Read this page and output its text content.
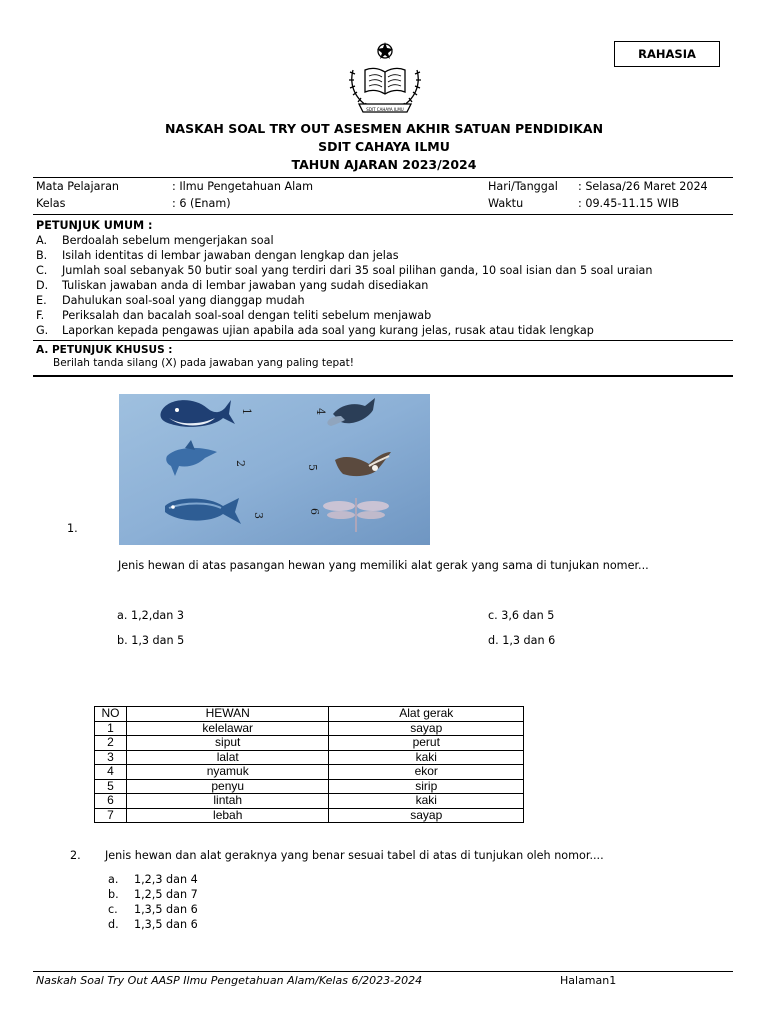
RAHASIA
SDIT CAHAYA ILMU
NASKAH SOAL TRY OUT ASESMEN AKHIR SATUAN PENDIDIKAN
SDIT CAHAYA ILMU
TAHUN AJARAN 2023/2024
Mata Pelajaran	: Ilmu Pengetahuan Alam	Hari/Tanggal : Selasa/26 Maret 2024
Kelas	: 6 (Enam)	Waktu	: 09.45-11.15 WIB
PETUNJUK UMUM :
A. Berdoalah sebelum mengerjakan soal
B. Isilah identitas di lembar jawaban dengan lengkap dan jelas
C. Jumlah soal sebanyak 50 butir soal yang terdiri dari 35 soal pilihan ganda, 10 soal isian dan 5 soal uraian
D. Tuliskan jawaban anda di lembar jawaban yang sudah disediakan
E. Dahulukan soal-soal yang dianggap mudah
F. Periksalah dan bacalah soal-soal dengan teliti sebelum menjawab
G. Laporkan kepada pengawas ujian apabila ada soal yang kurang jelas, rusak atau tidak lengkap
A. PETUNJUK KHUSUS :
Berilah tanda silang (X) pada jawaban yang paling tepat!
1.
1
2
3
4
5
6
Jenis hewan di atas pasangan hewan yang memiliki alat gerak yang sama di tunjukan nomer...
a. 1,2,dan 3
b. 1,3 dan 5
c. 3,6 dan 5
d. 1,3 dan 6
NO	HEWAN	Alat gerak
1	kelelawar	sayap
2	siput	perut
3	lalat	kaki
4	nyamuk	ekor
5	penyu	sirip
6	lintah	kaki
7	lebah	sayap
2. Jenis hewan dan alat geraknya yang benar sesuai tabel di atas di tunjukan oleh nomor....
a. 1,2,3 dan 4
b. 1,2,5 dan 7
c. 1,3,5 dan 6
d. 1,3,5 dan 6
Naskah Soal Try Out AASP Ilmu Pengetahuan Alam/Kelas 6/2023-2024	Halaman1
